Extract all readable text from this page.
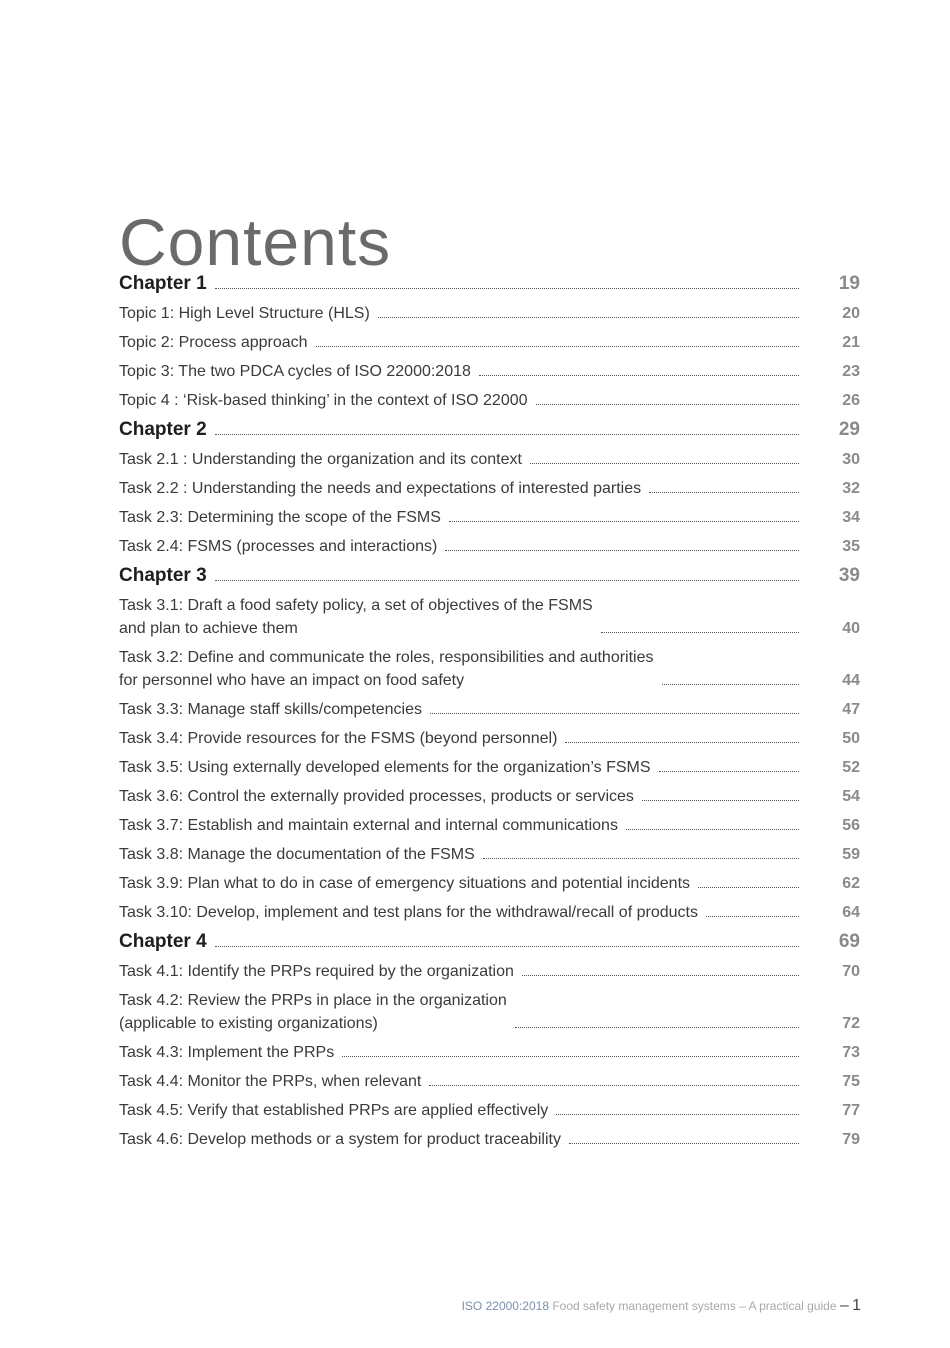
Contents
Chapter 1	19
Topic 1: High Level Structure (HLS)	20
Topic 2: Process approach	21
Topic 3: The two PDCA cycles of ISO 22000:2018	23
Topic 4 : ‘Risk-based thinking’ in the context of ISO 22000	26
Chapter 2	29
Task 2.1 : Understanding the organization and its context	30
Task 2.2 : Understanding the needs and expectations of interested parties	32
Task 2.3: Determining the scope of the FSMS	34
Task 2.4: FSMS (processes and interactions)	35
Chapter 3	39
Task 3.1: Draft a food safety policy, a set of objectives of the FSMS
and plan to achieve them	40
Task 3.2: Define and communicate the roles, responsibilities and authorities
for personnel who have an impact on food safety	44
Task 3.3: Manage staff skills/competencies	47
Task 3.4: Provide resources for the FSMS (beyond personnel)	50
Task 3.5: Using externally developed elements for the organization’s FSMS	52
Task 3.6: Control the externally provided processes, products or services	54
Task 3.7: Establish and maintain external and internal communications	56
Task 3.8: Manage the documentation of the FSMS	59
Task 3.9: Plan what to do in case of emergency situations and potential incidents	62
Task 3.10: Develop, implement and test plans for the withdrawal/recall of products	64
Chapter 4	69
Task 4.1: Identify the PRPs required by the organization	70
Task 4.2: Review the PRPs in place in the organization
(applicable to existing organizations)	72
Task 4.3: Implement the PRPs	73
Task 4.4: Monitor the PRPs, when relevant	75
Task 4.5: Verify that established PRPs are applied effectively	77
Task 4.6: Develop methods or a system for product traceability	79
ISO 22000:2018 Food safety management systems – A practical guide – 1
